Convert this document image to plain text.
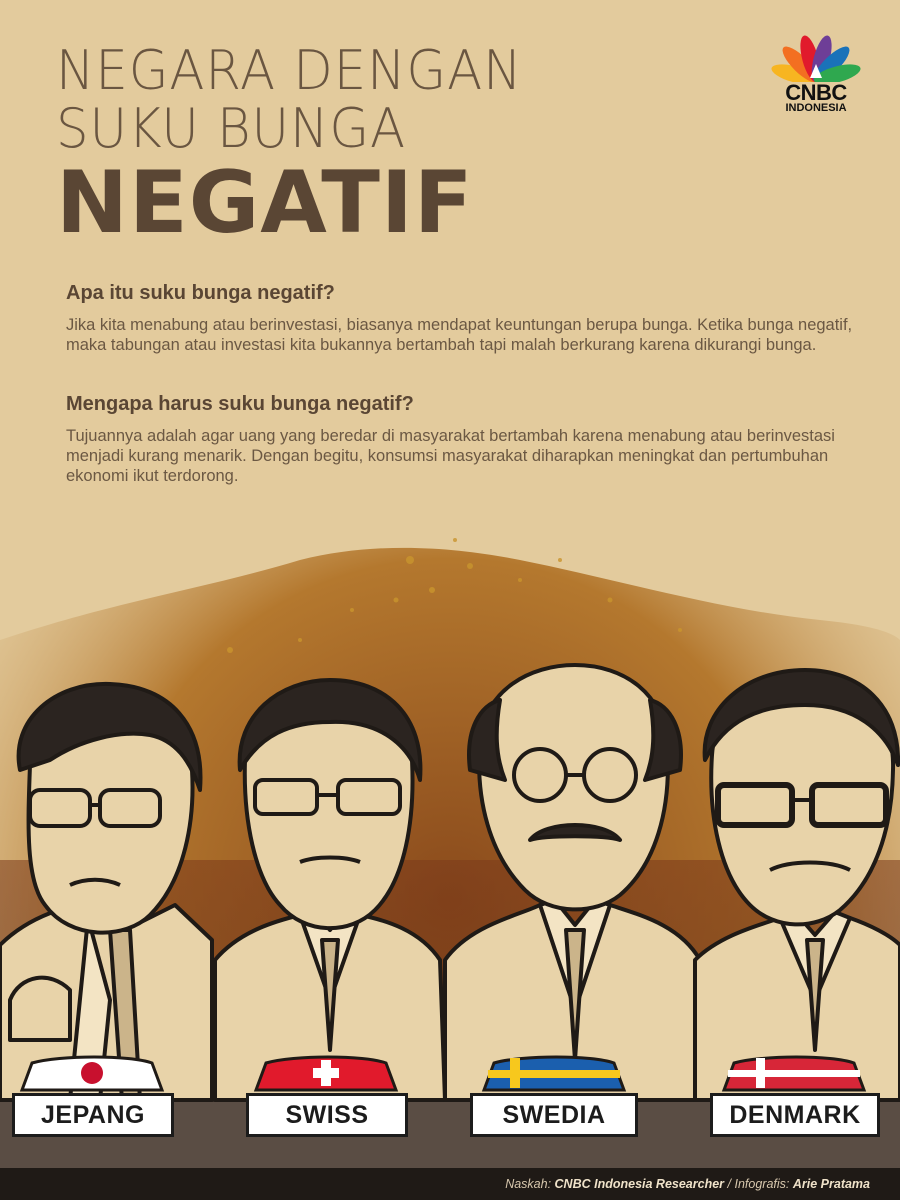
NEGARA DENGAN
SUKU BUNGA
NEGATIF
CNBC
INDONESIA
Apa itu suku bunga negatif?

Jika kita menabung atau berinvestasi, biasanya mendapat keuntungan berupa bunga. Ketika bunga negatif, maka tabungan atau investasi kita bukannya bertambah tapi malah berkurang karena dikurangi bunga.

Mengapa harus suku bunga negatif?

Tujuannya adalah agar uang yang beredar di masyarakat bertambah karena menabung atau berinvestasi menjadi kurang menarik. Dengan begitu, konsumsi masyarakat diharapkan meningkat dan pertumbuhan ekonomi ikut terdorong.

JEPANG	SWISS	SWEDIA	DENMARK
Naskah: CNBC Indonesia Researcher / Infografis: Arie Pratama
